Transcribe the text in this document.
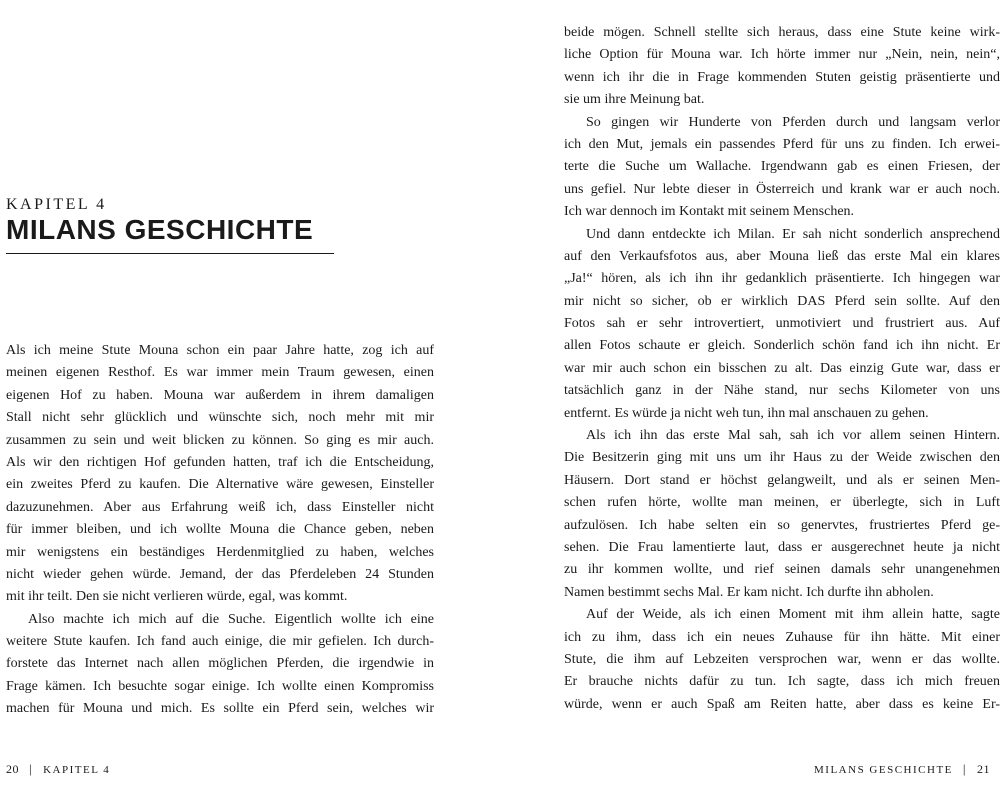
KAPITEL 4
MILANS GESCHICHTE
Als ich meine Stute Mouna schon ein paar Jahre hatte, zog ich auf
meinen eigenen Resthof. Es war immer mein Traum gewesen, einen
eigenen Hof zu haben. Mouna war außerdem in ihrem damaligen
Stall nicht sehr glücklich und wünschte sich, noch mehr mit mir
zusammen zu sein und weit blicken zu können. So ging es mir auch.
Als wir den richtigen Hof gefunden hatten, traf ich die Entscheidung,
ein zweites Pferd zu kaufen. Die Alternative wäre gewesen, Einsteller
dazuzunehmen. Aber aus Erfahrung weiß ich, dass Einsteller nicht
für immer bleiben, und ich wollte Mouna die Chance geben, neben
mir wenigstens ein beständiges Herdenmitglied zu haben, welches
nicht wieder gehen würde. Jemand, der das Pferdeleben 24 Stunden
mit ihr teilt. Den sie nicht verlieren würde, egal, was kommt.
Also machte ich mich auf die Suche. Eigentlich wollte ich eine
weitere Stute kaufen. Ich fand auch einige, die mir gefielen. Ich durch-
forstete das Internet nach allen möglichen Pferden, die irgendwie in
Frage kämen. Ich besuchte sogar einige. Ich wollte einen Kompromiss
machen für Mouna und mich. Es sollte ein Pferd sein, welches wir
20 | KAPITEL 4
beide mögen. Schnell stellte sich heraus, dass eine Stute keine wirk-
liche Option für Mouna war. Ich hörte immer nur „Nein, nein, nein“,
wenn ich ihr die in Frage kommenden Stuten geistig präsentierte und
sie um ihre Meinung bat.
So gingen wir Hunderte von Pferden durch und langsam verlor
ich den Mut, jemals ein passendes Pferd für uns zu finden. Ich erwei-
terte die Suche um Wallache. Irgendwann gab es einen Friesen, der
uns gefiel. Nur lebte dieser in Österreich und krank war er auch noch.
Ich war dennoch im Kontakt mit seinem Menschen.
Und dann entdeckte ich Milan. Er sah nicht sonderlich ansprechend
auf den Verkaufsfotos aus, aber Mouna ließ das erste Mal ein klares
„Ja!“ hören, als ich ihn ihr gedanklich präsentierte. Ich hingegen war
mir nicht so sicher, ob er wirklich DAS Pferd sein sollte. Auf den
Fotos sah er sehr introvertiert, unmotiviert und frustriert aus. Auf
allen Fotos schaute er gleich. Sonderlich schön fand ich ihn nicht. Er
war mir auch schon ein bisschen zu alt. Das einzig Gute war, dass er
tatsächlich ganz in der Nähe stand, nur sechs Kilometer von uns
entfernt. Es würde ja nicht weh tun, ihn mal anschauen zu gehen.
Als ich ihn das erste Mal sah, sah ich vor allem seinen Hintern.
Die Besitzerin ging mit uns um ihr Haus zu der Weide zwischen den
Häusern. Dort stand er höchst gelangweilt, und als er seinen Men-
schen rufen hörte, wollte man meinen, er überlegte, sich in Luft
aufzulösen. Ich habe selten ein so genervtes, frustriertes Pferd ge-
sehen. Die Frau lamentierte laut, dass er ausgerechnet heute ja nicht
zu ihr kommen wollte, und rief seinen damals sehr unangenehmen
Namen bestimmt sechs Mal. Er kam nicht. Ich durfte ihn abholen.
Auf der Weide, als ich einen Moment mit ihm allein hatte, sagte
ich zu ihm, dass ich ein neues Zuhause für ihn hätte. Mit einer
Stute, die ihm auf Lebzeiten versprochen war, wenn er das wollte.
Er brauche nichts dafür zu tun. Ich sagte, dass ich mich freuen
würde, wenn er auch Spaß am Reiten hatte, aber dass es keine Er-
MILANS GESCHICHTE | 21
